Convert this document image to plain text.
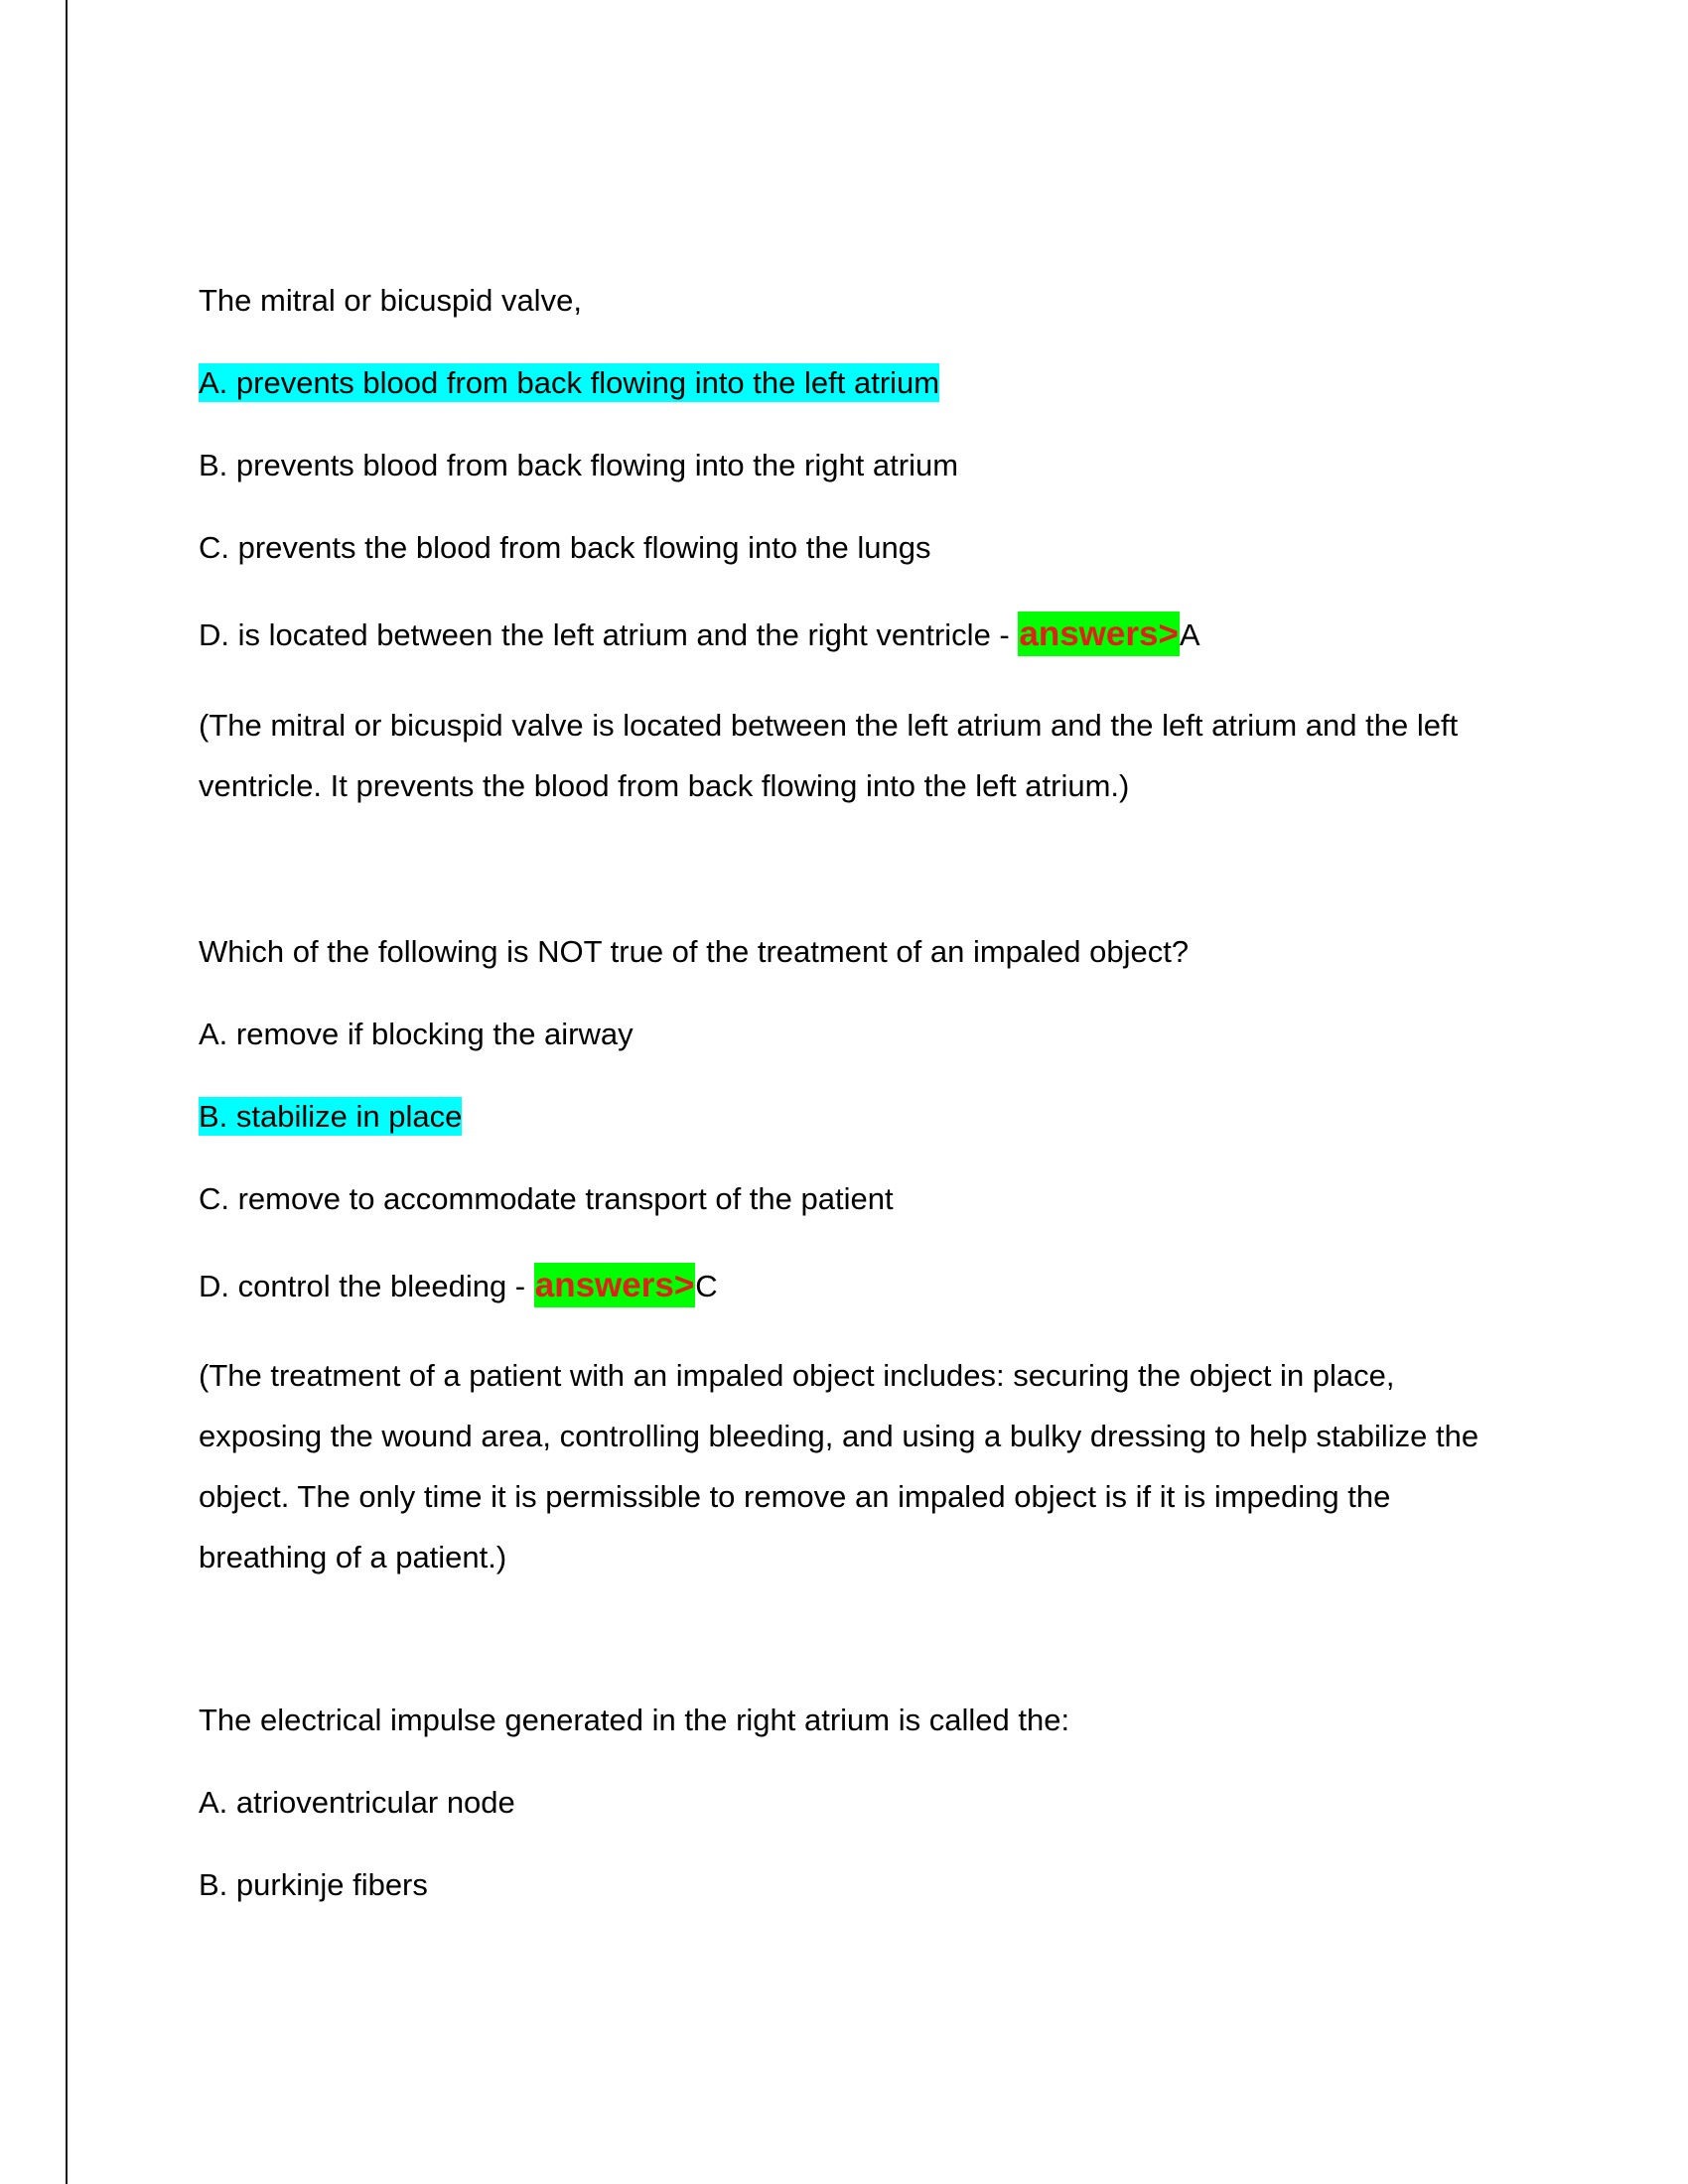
The mitral or bicuspid valve,
A. prevents blood from back flowing into the left atrium
B. prevents blood from back flowing into the right atrium
C. prevents the blood from back flowing into the lungs
D. is located between the left atrium and the right ventricle - answers>A
(The mitral or bicuspid valve is located between the left atrium and the left atrium and the left ventricle. It prevents the blood from back flowing into the left atrium.)
Which of the following is NOT true of the treatment of an impaled object?
A. remove if blocking the airway
B. stabilize in place
C. remove to accommodate transport of the patient
D. control the bleeding - answers>C
(The treatment of a patient with an impaled object includes: securing the object in place, exposing the wound area, controlling bleeding, and using a bulky dressing to help stabilize the object. The only time it is permissible to remove an impaled object is if it is impeding the breathing of a patient.)
The electrical impulse generated in the right atrium is called the:
A. atrioventricular node
B. purkinje fibers
